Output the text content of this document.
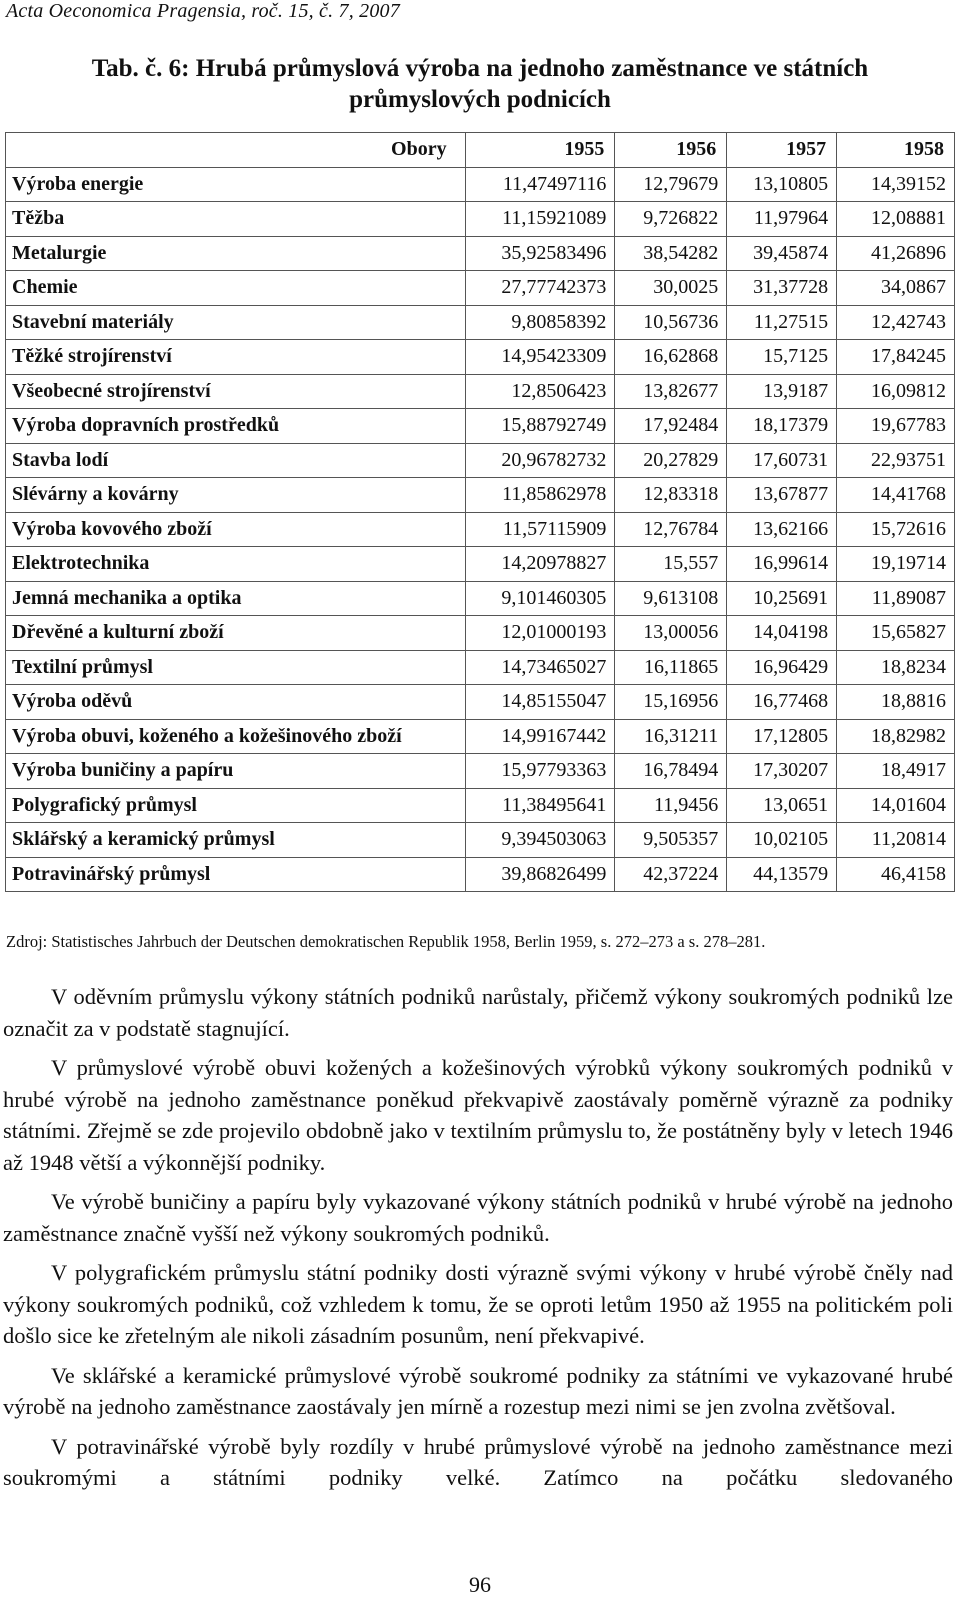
Acta Oeconomica Pragensia, roč. 15, č. 7, 2007
Tab. č. 6: Hrubá průmyslová výroba na jednoho zaměstnance ve státních
průmyslových podnicích
Obory	1955	1956	1957	1958
Výroba energie	11,47497116	12,79679	13,10805	14,39152
Těžba	11,15921089	9,726822	11,97964	12,08881
Metalurgie	35,92583496	38,54282	39,45874	41,26896
Chemie	27,77742373	30,0025	31,37728	34,0867
Stavební materiály	9,80858392	10,56736	11,27515	12,42743
Těžké strojírenství	14,95423309	16,62868	15,7125	17,84245
Všeobecné strojírenství	12,8506423	13,82677	13,9187	16,09812
Výroba dopravních prostředků	15,88792749	17,92484	18,17379	19,67783
Stavba lodí	20,96782732	20,27829	17,60731	22,93751
Slévárny a kovárny	11,85862978	12,83318	13,67877	14,41768
Výroba kovového zboží	11,57115909	12,76784	13,62166	15,72616
Elektrotechnika	14,20978827	15,557	16,99614	19,19714
Jemná mechanika a optika	9,101460305	9,613108	10,25691	11,89087
Dřevěné a kulturní zboží	12,01000193	13,00056	14,04198	15,65827
Textilní průmysl	14,73465027	16,11865	16,96429	18,8234
Výroba oděvů	14,85155047	15,16956	16,77468	18,8816
Výroba obuvi, koženého a kožešinového zboží	14,99167442	16,31211	17,12805	18,82982
Výroba buničiny a papíru	15,97793363	16,78494	17,30207	18,4917
Polygrafický průmysl	11,38495641	11,9456	13,0651	14,01604
Sklářský a keramický průmysl	9,394503063	9,505357	10,02105	11,20814
Potravinářský průmysl	39,86826499	42,37224	44,13579	46,4158
Zdroj: Statistisches Jahrbuch der Deutschen demokratischen Republik 1958, Berlin 1959, s. 272–273 a s. 278–281.

V oděvním průmyslu výkony státních podniků narůstaly, přičemž výkony soukromých podniků lze označit za v podstatě stagnující.

V průmyslové výrobě obuvi kožených a kožešinových výrobků výkony soukromých podniků v hrubé výrobě na jednoho zaměstnance poněkud překvapivě zaostávaly poměrně výrazně za podniky státními. Zřejmě se zde projevilo obdobně jako v textilním průmyslu to, že postátněny byly v letech 1946 až 1948 větší a výkonnější podniky.

Ve výrobě buničiny a papíru byly vykazované výkony státních podniků v hrubé výrobě na jednoho zaměstnance značně vyšší než výkony soukromých podniků.

V polygrafickém průmyslu státní podniky dosti výrazně svými výkony v hrubé výrobě čněly nad výkony soukromých podniků, což vzhledem k tomu, že se oproti letům 1950 až 1955 na politickém poli došlo sice ke zřetelným ale nikoli zásadním posunům, není překvapivé.

Ve sklářské a keramické průmyslové výrobě soukromé podniky za státními ve vykazované hrubé výrobě na jednoho zaměstnance zaostávaly jen mírně a rozestup mezi nimi se jen zvolna zvětšoval.

V potravinářské výrobě byly rozdíly v hrubé průmyslové výrobě na jednoho zaměstnance mezi soukromými a státními podniky velké. Zatímco na počátku sledovaného

96
